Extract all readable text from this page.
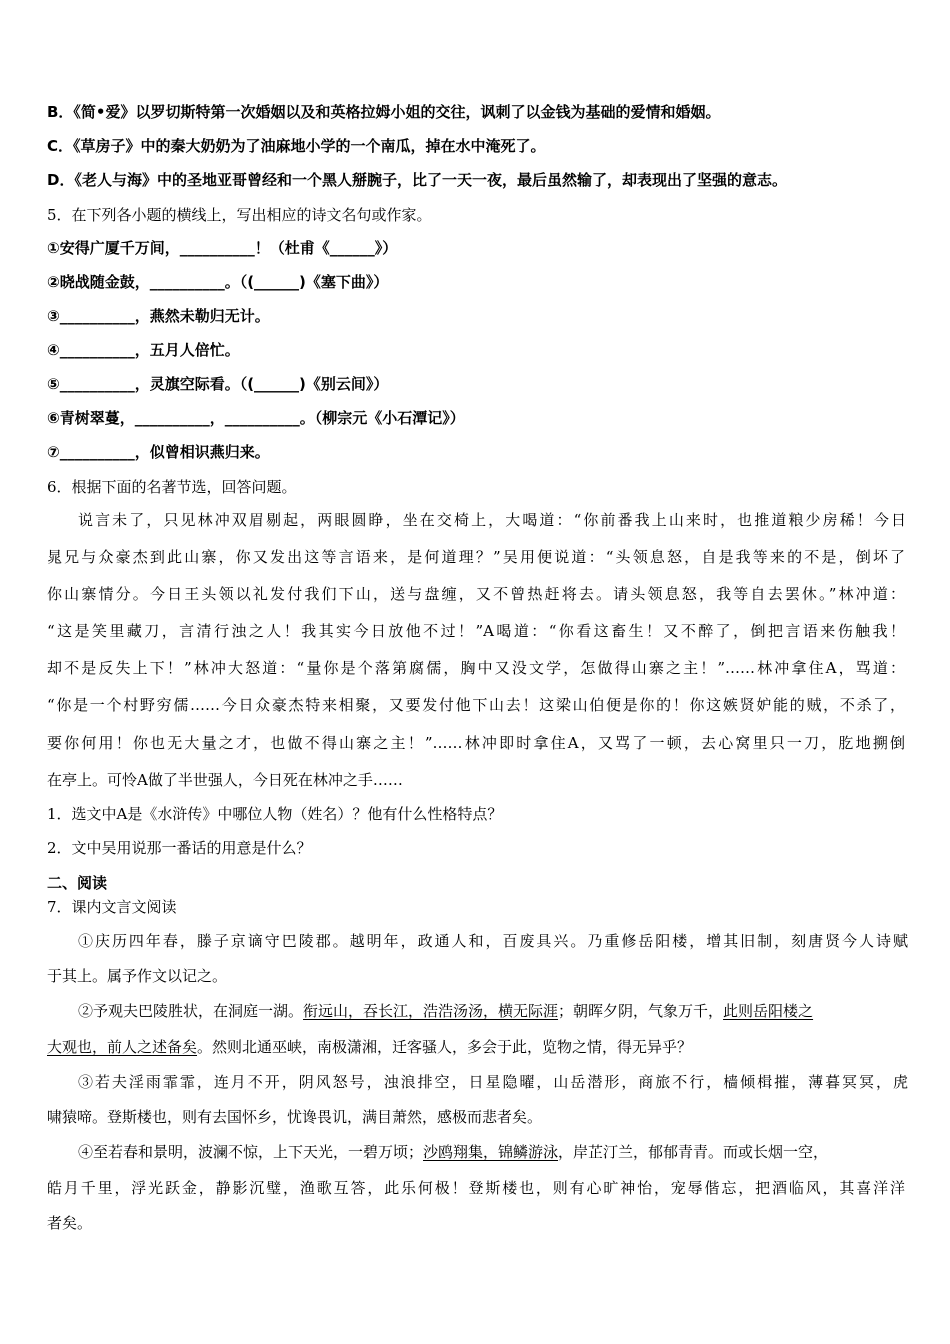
B．《简•爱》以罗切斯特第一次婚姻以及和英格拉姆小姐的交往，讽刺了以金钱为基础的爱情和婚姻。
C．《草房子》中的秦大奶奶为了油麻地小学的一个南瓜，掉在水中淹死了。
D．《老人与海》中的圣地亚哥曾经和一个黑人掰腕子，比了一天一夜，最后虽然输了，却表现出了坚强的意志。
5．在下列各小题的横线上，写出相应的诗文名句或作家。
①安得广厦千万间，__________！（杜甫《______》）
②晓战随金鼓，__________。（(______)《塞下曲》）
③__________，燕然未勒归无计。
④__________，五月人倍忙。
⑤__________，灵旗空际看。（(______)《别云间》）
⑥青树翠蔓，__________，__________。（柳宗元《小石潭记》）
⑦__________，似曾相识燕归来。
6．根据下面的名著节选，回答问题。
说言未了，只见林冲双眉剔起，两眼圆睁，坐在交椅上，大喝道：“你前番我上山来时，也推道粮少房稀！今日
晁兄与众豪杰到此山寨，你又发出这等言语来，是何道理？”吴用便说道：“头领息怒，自是我等来的不是，倒坏了
你山寨情分。今日王头领以礼发付我们下山，送与盘缠，又不曾热赶将去。请头领息怒，我等自去罢休。”林冲道：
“这是笑里藏刀，言清行浊之人！我其实今日放他不过！”A喝道：“你看这畜生！又不醉了，倒把言语来伤触我！
却不是反失上下！”林冲大怒道：“量你是个落第腐儒，胸中又没文学，怎做得山寨之主！”……林冲拿住A，骂道：
“你是一个村野穷儒……今日众豪杰特来相聚，又要发付他下山去！这梁山伯便是你的！你这嫉贤妒能的贼，不杀了，
要你何用！你也无大量之才，也做不得山寨之主！”……林冲即时拿住A，又骂了一顿，去心窝里只一刀，肐地搠倒
在亭上。可怜A做了半世强人，今日死在林冲之手……
1．选文中A是《水浒传》中哪位人物（姓名）？他有什么性格特点？
2．文中吴用说那一番话的用意是什么？
二、阅读
7．课内文言文阅读
①庆历四年春，滕子京谪守巴陵郡。越明年，政通人和，百废具兴。乃重修岳阳楼，增其旧制，刻唐贤今人诗赋
于其上。属予作文以记之。
②予观夫巴陵胜状，在洞庭一湖。衔远山，吞长江，浩浩汤汤，横无际涯；朝晖夕阴，气象万千，此则岳阳楼之
大观也，前人之述备矣。然则北通巫峡，南极潇湘，迁客骚人，多会于此，览物之情，得无异乎？
③若夫淫雨霏霏，连月不开，阴风怒号，浊浪排空，日星隐曜，山岳潜形，商旅不行，樯倾楫摧，薄暮冥冥，虎
啸猿啼。登斯楼也，则有去国怀乡，忧谗畏讥，满目萧然，感极而悲者矣。
④至若春和景明，波澜不惊，上下天光，一碧万顷；沙鸥翔集，锦鳞游泳，岸芷汀兰，郁郁青青。而或长烟一空，
皓月千里，浮光跃金，静影沉璧，渔歌互答，此乐何极！登斯楼也，则有心旷神怡，宠辱偕忘，把酒临风，其喜洋洋
者矣。
